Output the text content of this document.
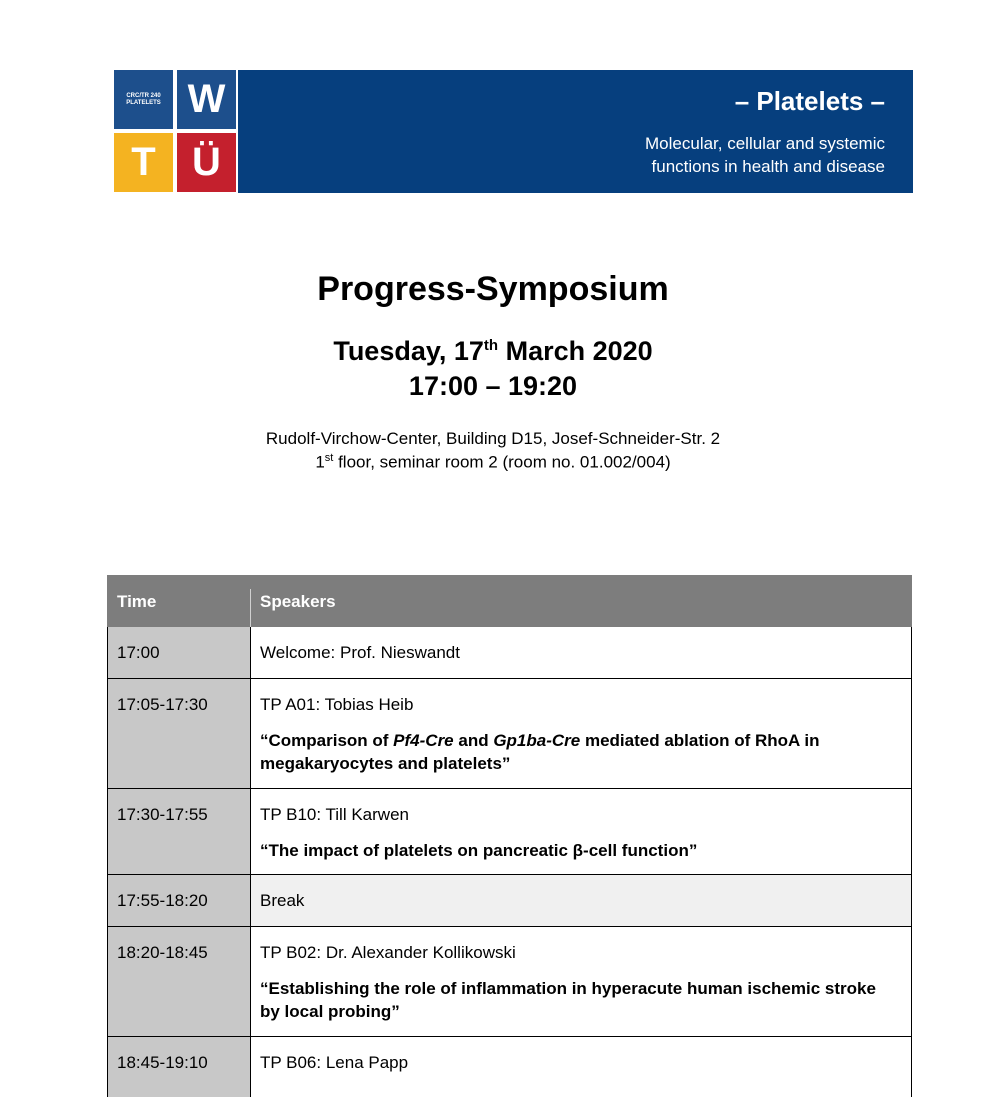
CRC/TR 240
PLATELETS W
T Ü
– Platelets –
Molecular, cellular and systemic
functions in health and disease
Progress-Symposium
Tuesday, 17th March 2020
17:00 – 19:20
Rudolf-Virchow-Center, Building D15, Josef-Schneider-Str. 2
1st floor, seminar room 2 (room no. 01.002/004)
Time	Speakers
17:00	Welcome: Prof. Nieswandt
17:05-17:30	TP A01: Tobias Heib
“Comparison of Pf4-Cre and Gp1ba-Cre mediated ablation of RhoA in megakaryocytes and platelets”
17:30-17:55	TP B10: Till Karwen
“The impact of platelets on pancreatic β-cell function”
17:55-18:20	Break
18:20-18:45	TP B02: Dr. Alexander Kollikowski
“Establishing the role of inflammation in hyperacute human ischemic stroke by local probing”
18:45-19:10	TP B06: Lena Papp
